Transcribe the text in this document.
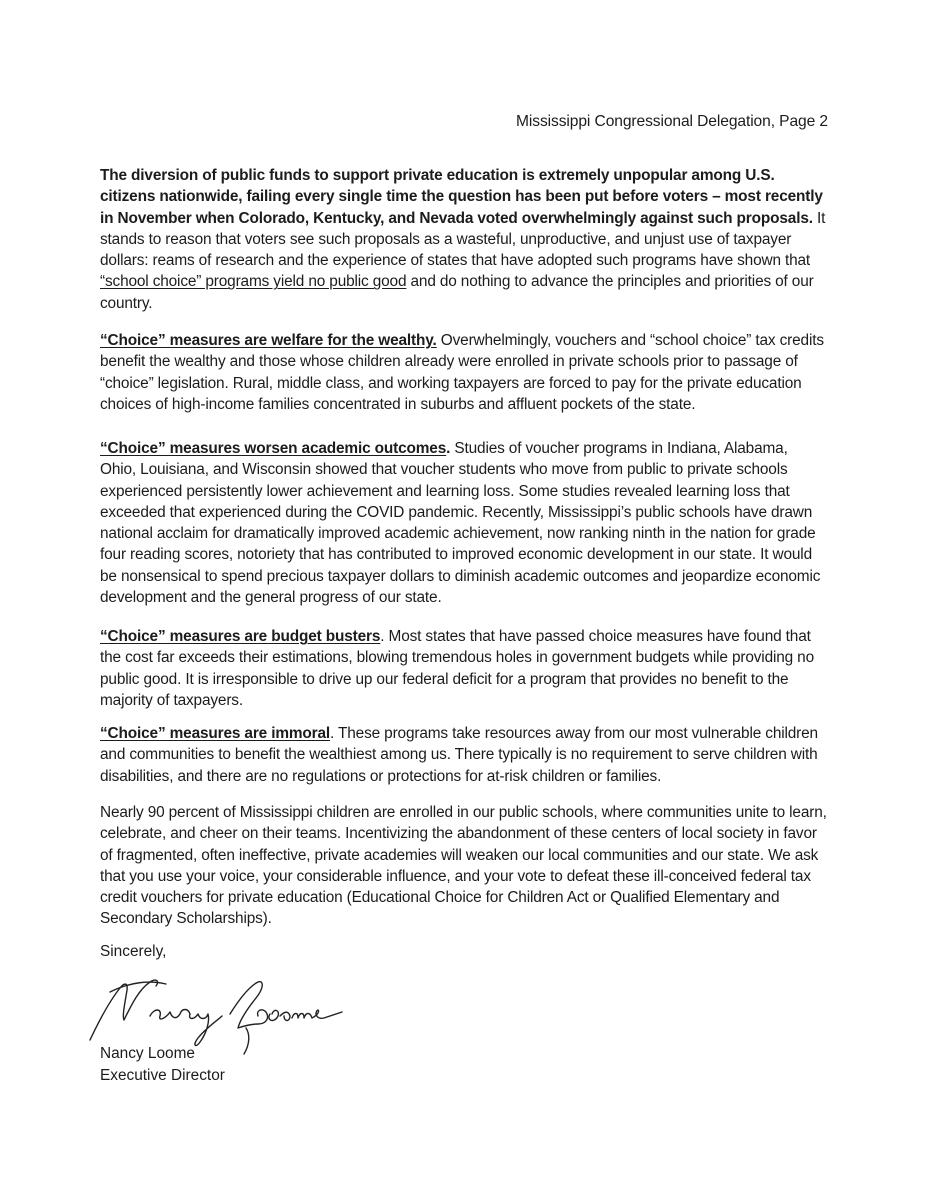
Mississippi Congressional Delegation, Page 2

The diversion of public funds to support private education is extremely unpopular among U.S. citizens nationwide, failing every single time the question has been put before voters – most recently in November when Colorado, Kentucky, and Nevada voted overwhelmingly against such proposals. It stands to reason that voters see such proposals as a wasteful, unproductive, and unjust use of taxpayer dollars: reams of research and the experience of states that have adopted such programs have shown that “school choice” programs yield no public good and do nothing to advance the principles and priorities of our country.

“Choice” measures are welfare for the wealthy. Overwhelmingly, vouchers and “school choice” tax credits benefit the wealthy and those whose children already were enrolled in private schools prior to passage of “choice” legislation. Rural, middle class, and working taxpayers are forced to pay for the private education choices of high-income families concentrated in suburbs and affluent pockets of the state.

“Choice” measures worsen academic outcomes. Studies of voucher programs in Indiana, Alabama, Ohio, Louisiana, and Wisconsin showed that voucher students who move from public to private schools experienced persistently lower achievement and learning loss. Some studies revealed learning loss that exceeded that experienced during the COVID pandemic. Recently, Mississippi’s public schools have drawn national acclaim for dramatically improved academic achievement, now ranking ninth in the nation for grade four reading scores, notoriety that has contributed to improved economic development in our state. It would be nonsensical to spend precious taxpayer dollars to diminish academic outcomes and jeopardize economic development and the general progress of our state.

“Choice” measures are budget busters. Most states that have passed choice measures have found that the cost far exceeds their estimations, blowing tremendous holes in government budgets while providing no public good. It is irresponsible to drive up our federal deficit for a program that provides no benefit to the majority of taxpayers.

“Choice” measures are immoral. These programs take resources away from our most vulnerable children and communities to benefit the wealthiest among us. There typically is no requirement to serve children with disabilities, and there are no regulations or protections for at-risk children or families.

Nearly 90 percent of Mississippi children are enrolled in our public schools, where communities unite to learn, celebrate, and cheer on their teams. Incentivizing the abandonment of these centers of local society in favor of fragmented, often ineffective, private academies will weaken our local communities and our state. We ask that you use your voice, your considerable influence, and your vote to defeat these ill-conceived federal tax credit vouchers for private education (Educational Choice for Children Act or Qualified Elementary and Secondary Scholarships).

Sincerely,
Nancy Loome
Executive Director
